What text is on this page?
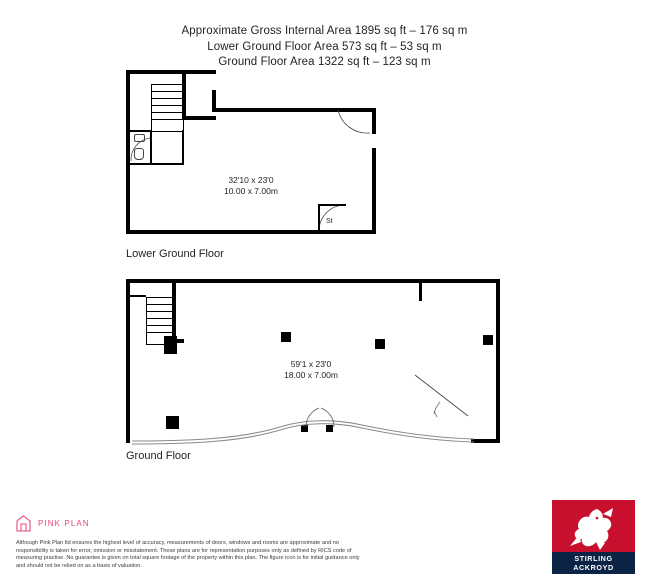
Approximate Gross Internal Area 1895 sq ft – 176 sq m
Lower Ground Floor Area 573 sq ft – 53 sq m
Ground Floor Area 1322 sq ft – 123 sq m
32'10 x 23'0
10.00 x 7.00m
St
Lower Ground Floor
59'1 x 23'0
18.00 x 7.00m
Ground Floor
PINK PLAN
Although Pink Plan ltd ensures the highest level of accuracy, measurements of doors, windows and rooms are approximate and no responsibility is taken for error, omission or misstatement. These plans are for representation purposes only as defined by RICS code of measuring practise. No guarantee is given on total square footage of the property within this plan. The figure icon is for initial guidance only and should not be relied on as a basis of valuation.
STIRLING
ACKROYD
